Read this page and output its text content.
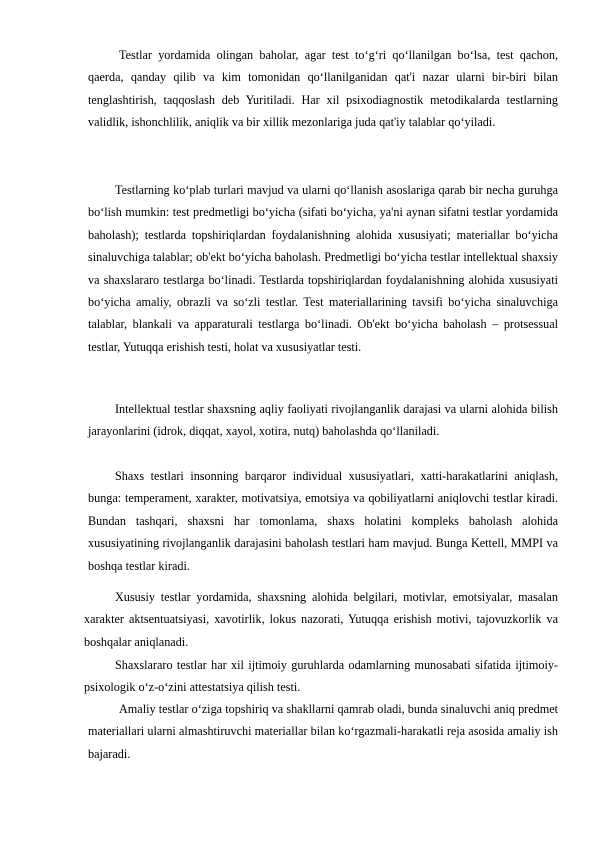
Testlar yordamida olingan baholar, agar test to‘g‘ri qo‘llanilgan bo‘lsa, test qachon, qaerda, qanday qilib va kim tomonidan qo‘llanilganidan qat'i nazar ularni bir-biri bilan tenglashtirish, taqqoslash deb Yuritiladi. Har xil psixodiagnostik metodikalarda testlarning validlik, ishonchlilik, aniqlik va bir xillik mezonlariga juda qat'iy talablar qo‘yiladi.

Testlarning ko‘plab turlari mavjud va ularni qo‘llanish asoslariga qarab bir necha guruhga bo‘lish mumkin: test predmetligi bo‘yicha (sifati bo‘yicha, ya'ni aynan sifatni testlar yordamida baholash); testlarda topshiriqlardan foydalanishning alohida xususiyati; materiallar bo‘yicha sinaluvchiga talablar; ob'ekt bo‘yicha baholash. Predmetligi bo‘yicha testlar intellektual shaxsiy va shaxslararo testlarga bo‘linadi. Testlarda topshiriqlardan foydalanishning alohida xususiyati bo‘yicha amaliy, obrazli va so‘zli testlar. Test materiallarining tavsifi bo‘yicha sinaluvchiga talablar, blankali va apparaturali testlarga bo‘linadi. Ob'ekt bo‘yicha baholash – protsessual testlar, Yutuqqa erishish testi, holat va xususiyatlar testi.

Intellektual testlar shaxsning aqliy faoliyati rivojlanganlik darajasi va ularni alohida bilish jarayonlarini (idrok, diqqat, xayol, xotira, nutq) baholashda qo‘llaniladi.

Shaxs testlari insonning barqaror individual xususiyatlari, xatti-harakatlarini aniqlash, bunga: temperament, xarakter, motivatsiya, emotsiya va qobiliyatlarni aniqlovchi testlar kiradi. Bundan tashqari, shaxsni har tomonlama, shaxs holatini kompleks baholash alohida xususiyatining rivojlanganlik darajasini baholash testlari ham mavjud. Bunga Kettell, MMPI va boshqa testlar kiradi.

Xususiy testlar yordamida, shaxsning alohida belgilari, motivlar, emotsiyalar, masalan xarakter aktsentuatsiyasi, xavotirlik, lokus nazorati, Yutuqqa erishish motivi, tajovuzkorlik va boshqalar aniqlanadi.

Shaxslararo testlar har xil ijtimoiy guruhlarda odamlarning munosabati sifatida ijtimoiy-psixologik o‘z-o‘zini attestatsiya qilish testi.

Amaliy testlar o‘ziga topshiriq va shakllarni qamrab oladi, bunda sinaluvchi aniq predmet materiallari ularni almashtiruvchi materiallar bilan ko‘rgazmali-harakatli reja asosida amaliy ish bajaradi.
